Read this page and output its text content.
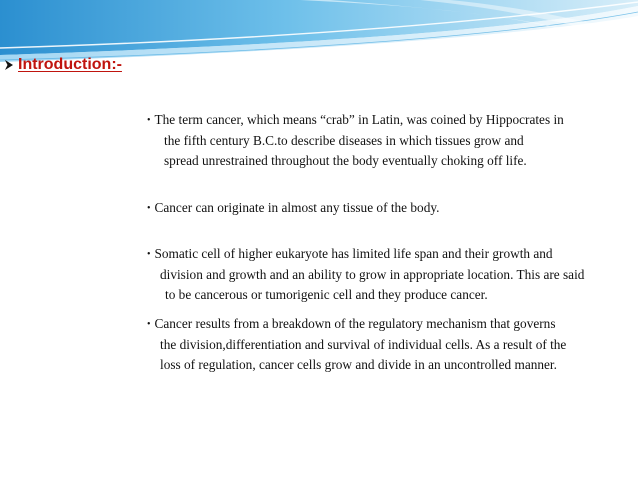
Introduction:-
• The term cancer, which means “crab” in Latin, was coined by Hippocrates in
the fifth century B.C.to describe diseases in which tissues grow and
spread unrestrained throughout the body eventually choking off life.
• Cancer can originate in almost any tissue of the body.
• Somatic cell of higher eukaryote has limited life span and their growth and
division and growth and an ability to grow in appropriate location. This are said
to be cancerous or tumorigenic cell and they produce cancer.
• Cancer results from a breakdown of the regulatory mechanism that governs
the division,differentiation and survival of individual cells. As a result of the
loss of regulation, cancer cells grow and divide in an uncontrolled manner.
